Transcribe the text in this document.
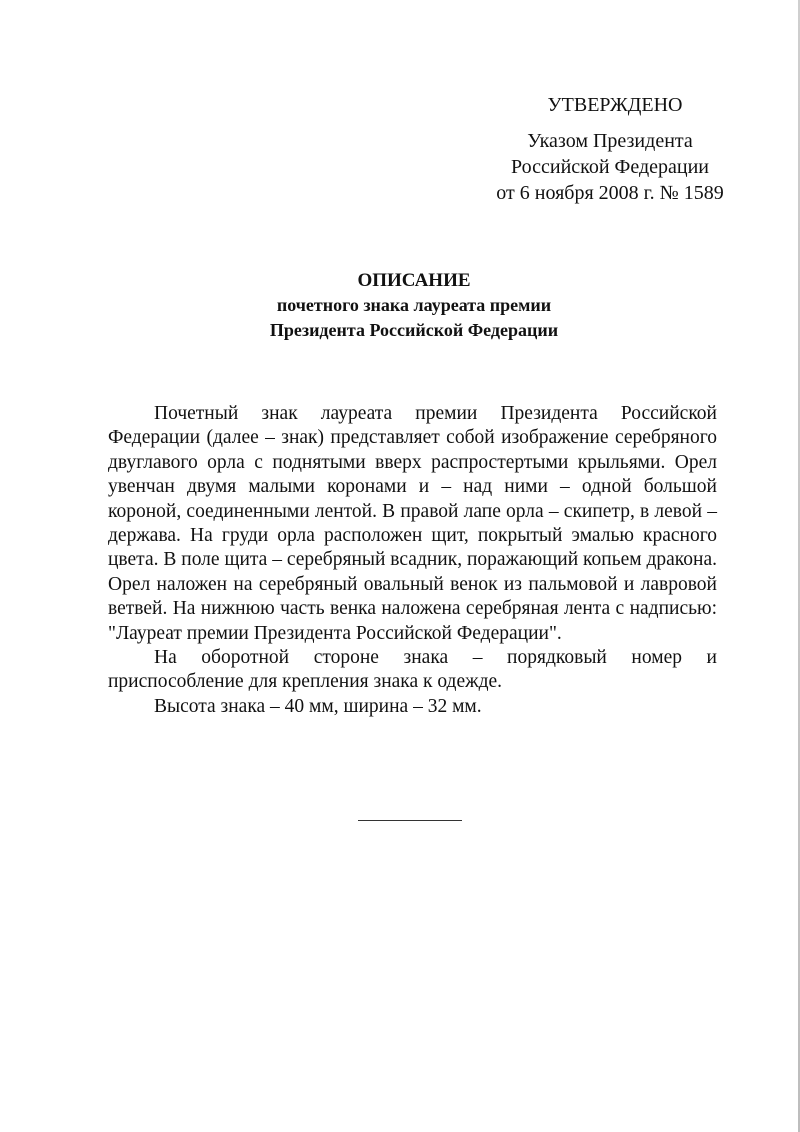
УТВЕРЖДЕНО
Указом Президента
Российской Федерации
от 6 ноября 2008 г. № 1589
ОПИСАНИЕ
почетного знака лауреата премии
Президента Российской Федерации

Почетный знак лауреата премии Президента Российской Федерации (далее – знак) представляет собой изображение серебряного двуглавого орла с поднятыми вверх распростертыми крыльями. Орел увенчан двумя малыми коронами и – над ними – одной большой короной, соединенными лентой. В правой лапе орла – скипетр, в левой – держава. На груди орла расположен щит, покрытый эмалью красного цвета. В поле щита – серебряный всадник, поражающий копьем дракона. Орел наложен на серебряный овальный венок из пальмовой и лавровой ветвей. На нижнюю часть венка наложена серебряная лента с надписью: "Лауреат премии Президента Российской Федерации".

На оборотной стороне знака – порядковый номер и приспособление для крепления знака к одежде.

Высота знака – 40 мм, ширина – 32 мм.
